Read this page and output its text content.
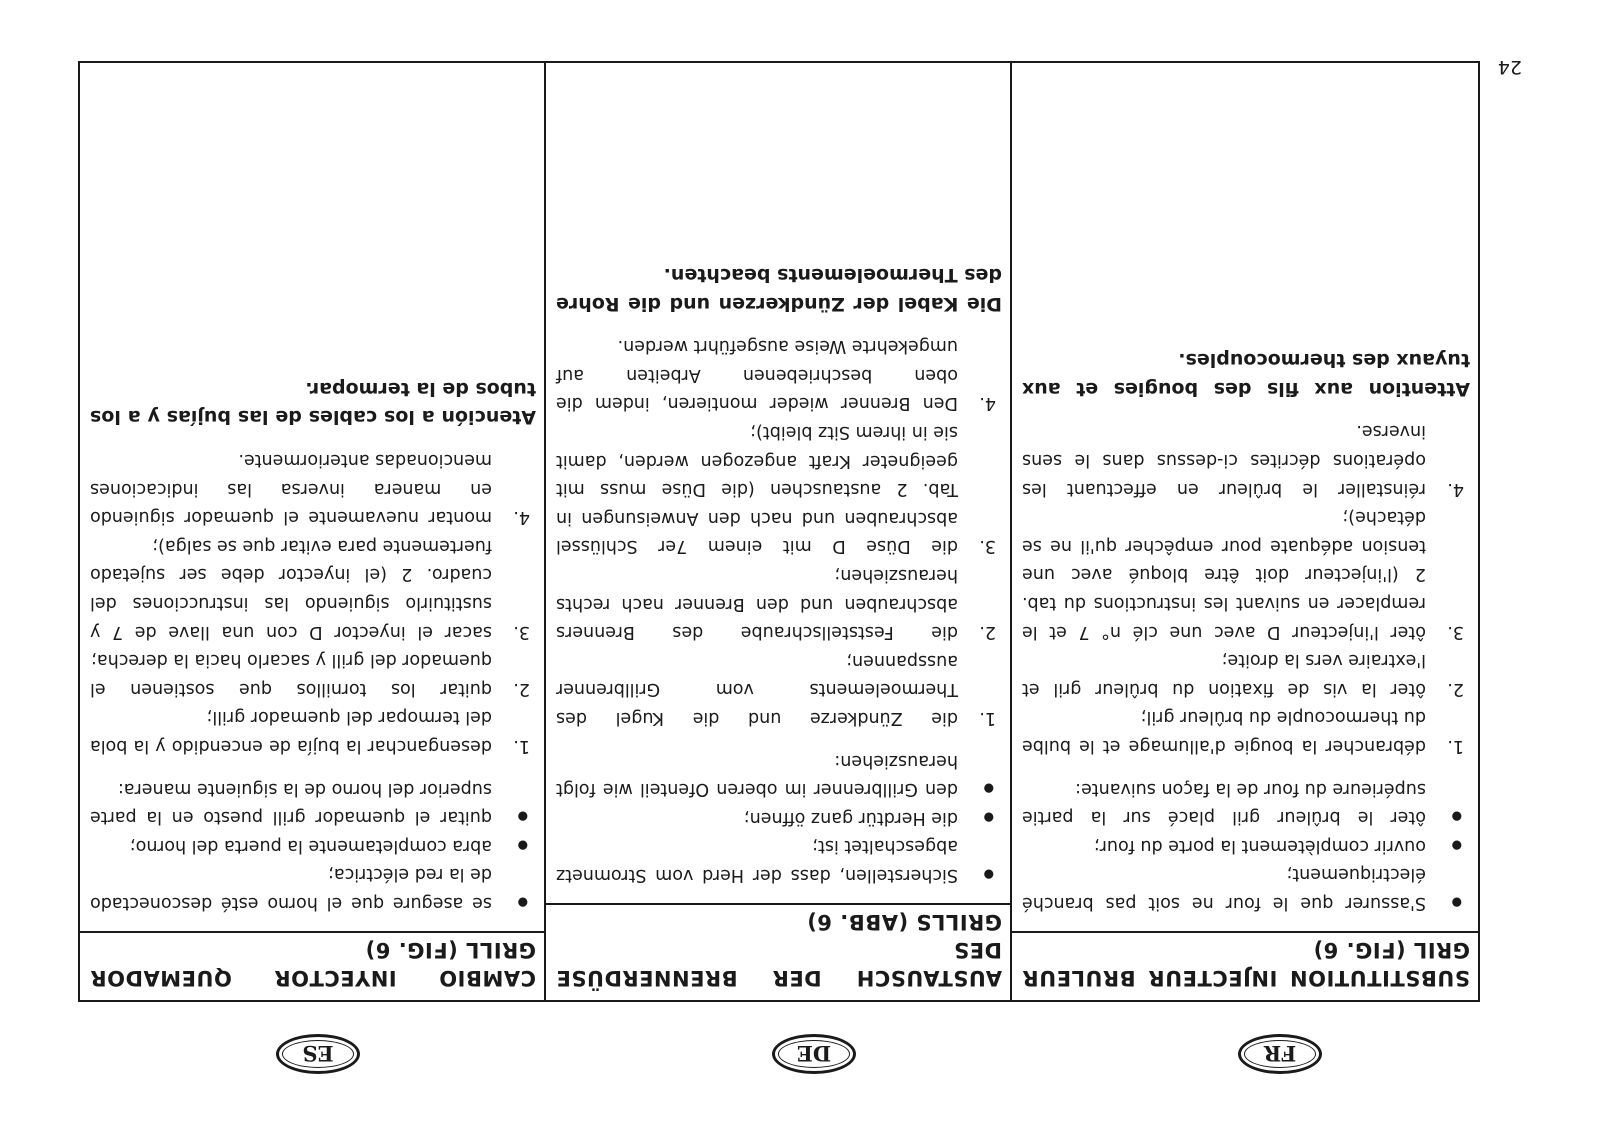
24
FR
DE
ES
SUBSTITUTION INJECTEUR BRULEUR
GRIL (FIG. 6)
● S'assurer que le four ne soit pas branché électriquement;
● ouvrir complètement la porte du four;
● ôter le brûleur gril placé sur la partie supérieure du four de la façon suivante:
1.
débrancher la bougie d'allumage et le bulbe du thermocouple du brûleur gril;
2.
ôter la vis de fixation du brûleur gril et l'extraire vers la droite;
3.
ôter l'injecteur D avec une clé n° 7 et le remplacer en suivant les instructions du tab. 2 (l'injecteur doit être bloqué avec une tension adéquate pour empêcher qu'il ne se détache);
4.
réinstaller le brûleur en effectuant les opérations décrites ci-dessus dans le sens inverse.

Attention aux fils des bougies et aux tuyaux des thermocouples.

AUSTAUSCH DER BRENNERDÜSE DES
GRILLS (ABB. 6)
● Sicherstellen, dass der Herd vom Stromnetz abgeschaltet ist;
● die Herdtür ganz öffnen;
● den Grillbrenner im oberen Ofenteil wie folgt herausziehen:
1.
die Zündkerze und die Kugel des Thermoelements vom Grillbrenner ausspannen;
2.
die Feststellschraube des Brenners abschrauben und den Brenner nach rechts herausziehen;
3.
die Düse D mit einem 7er Schlüssel abschrauben und nach den Anweisungen in Tab. 2 austauschen (die Düse muss mit geeigneter Kraft angezogen werden, damit sie in ihrem Sitz bleibt);
4.
Den Brenner wieder montieren, indem die oben beschriebenen Arbeiten auf umgekehrte Weise ausgeführt werden.

Die Kabel der Zündkerzen und die Rohre des Thermoelements beachten.

CAMBIO INYECTOR QUEMADOR
GRILL (FIG. 6)
● se asegure que el horno esté desconectado de la red eléctrica;
● abra completamente la puerta del horno;
● quitar el quemador grill puesto en la parte superior del horno de la siguiente manera:
1.
desenganchar la bujía de encendido y la bola del termopar del quemador grill;
2.
quitar los tornillos que sostienen el quemador del grill y sacarlo hacia la derecha;
3.
sacar el inyector D con una llave de 7 y sustituirlo siguiendo las instrucciones del cuadro. 2 (el inyector debe ser sujetado fuertemente para evitar que se salga);
4.
montar nuevamente el quemador siguiendo en manera inversa las indicaciones mencionadas anteriormente.

Atención a los cables de las bujías y a los tubos de la termopar.
